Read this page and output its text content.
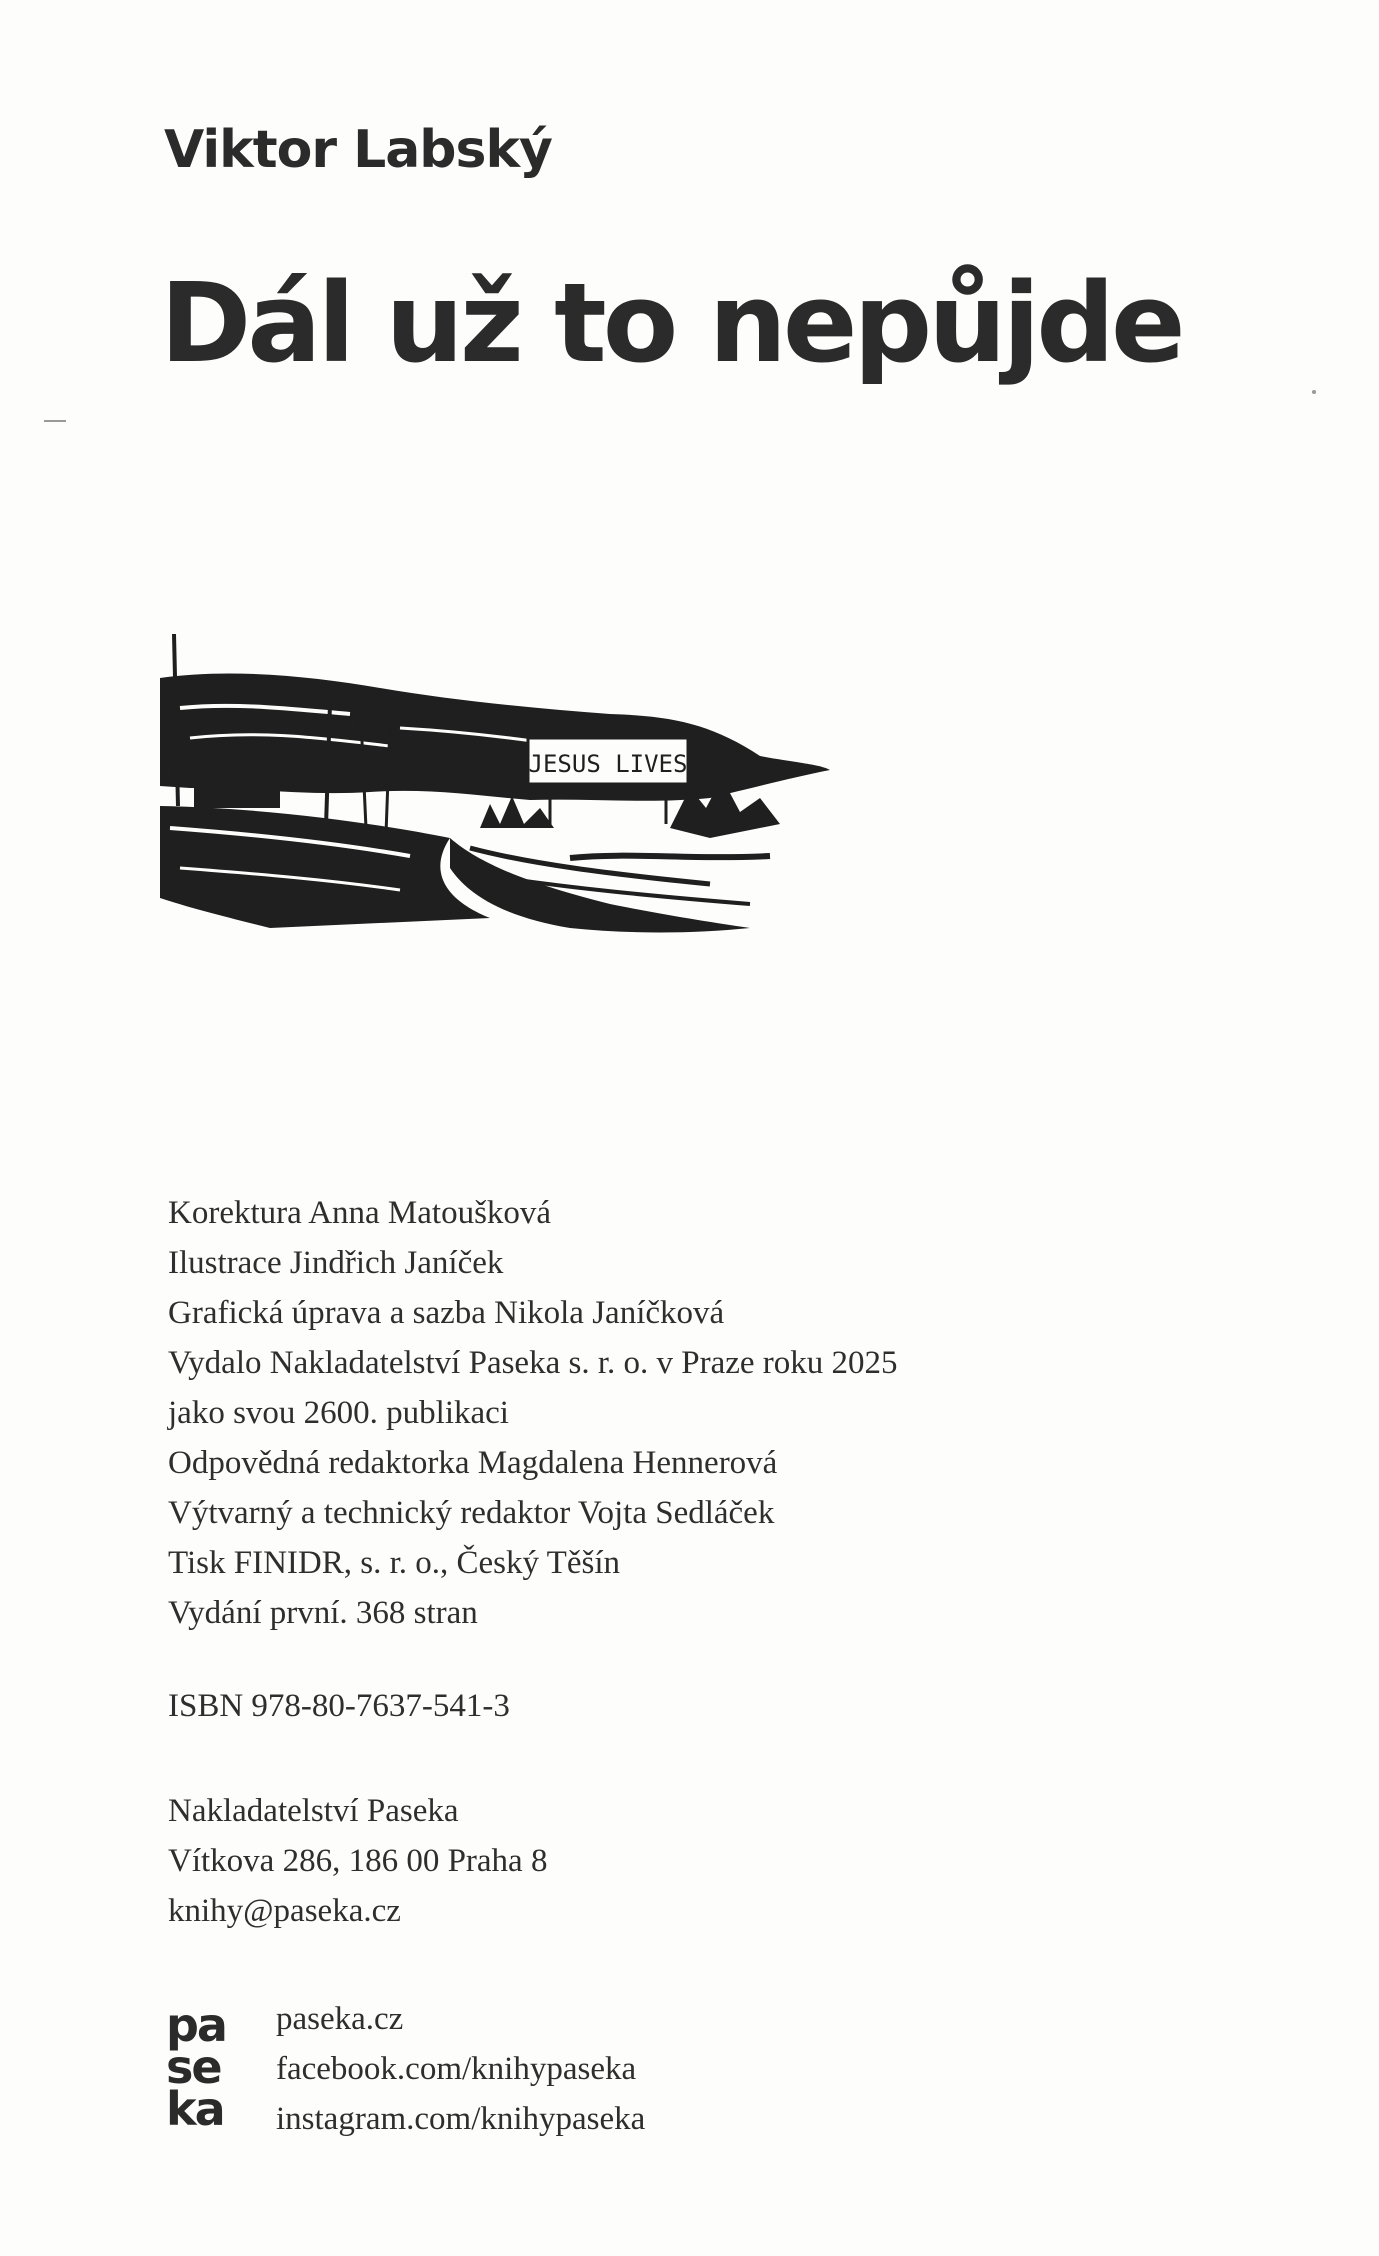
Viktor Labský
Dál už to nepůjde
JESUS LIVES
Korektura Anna Matoušková
Ilustrace Jindřich Janíček
Grafická úprava a sazba Nikola Janíčková
Vydalo Nakladatelství Paseka s. r. o. v Praze roku 2025
jako svou 2600. publikaci
Odpovědná redaktorka Magdalena Hennerová
Výtvarný a technický redaktor Vojta Sedláček
Tisk FINIDR, s. r. o., Český Těšín
Vydání první. 368 stran
ISBN 978-80-7637-541-3
Nakladatelství Paseka
Vítkova 286, 186 00 Praha 8
knihy@paseka.cz
pa
se
ka
paseka.cz
facebook.com/knihypaseka
instagram.com/knihypaseka
